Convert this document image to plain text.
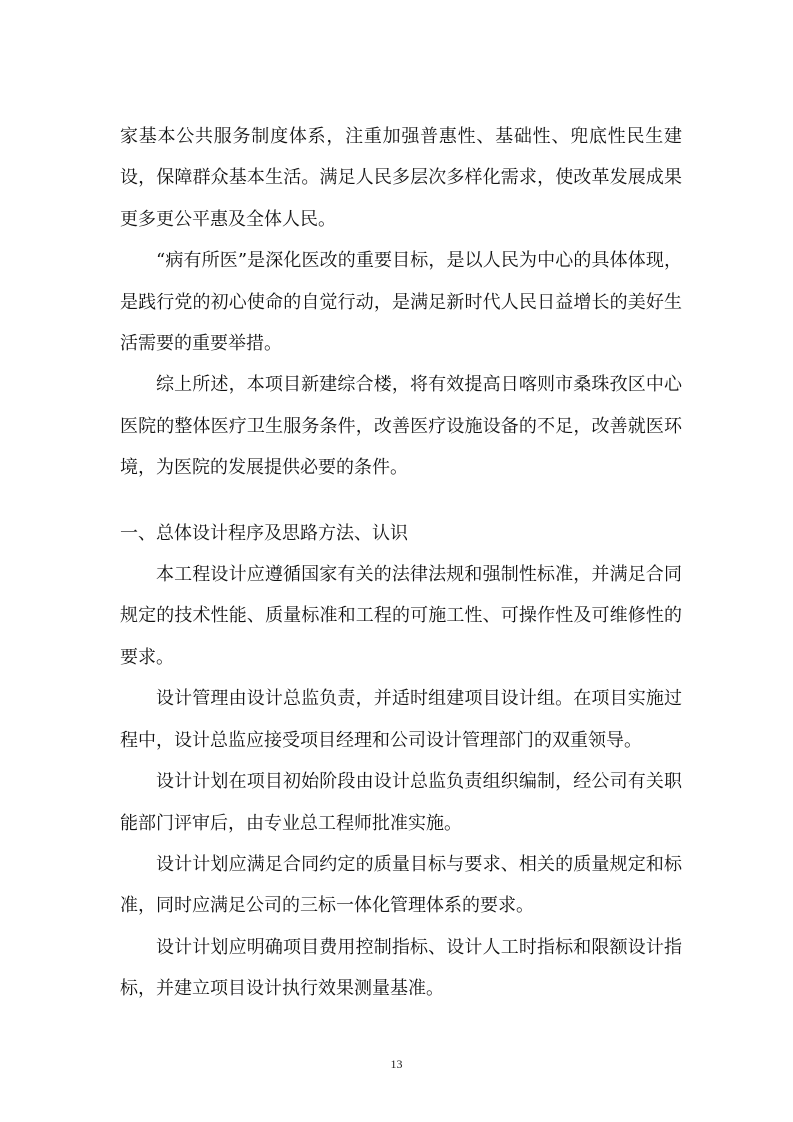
家基本公共服务制度体系，注重加强普惠性、基础性、兜底性民生建设，保障群众基本生活。满足人民多层次多样化需求，使改革发展成果更多更公平惠及全体人民。

“病有所医”是深化医改的重要目标，是以人民为中心的具体体现，是践行党的初心使命的自觉行动，是满足新时代人民日益增长的美好生活需要的重要举措。

综上所述，本项目新建综合楼，将有效提高日喀则市桑珠孜区中心医院的整体医疗卫生服务条件，改善医疗设施设备的不足，改善就医环境，为医院的发展提供必要的条件。

一、总体设计程序及思路方法、认识

本工程设计应遵循国家有关的法律法规和强制性标准，并满足合同规定的技术性能、质量标准和工程的可施工性、可操作性及可维修性的要求。

设计管理由设计总监负责，并适时组建项目设计组。在项目实施过程中，设计总监应接受项目经理和公司设计管理部门的双重领导。

设计计划在项目初始阶段由设计总监负责组织编制，经公司有关职能部门评审后，由专业总工程师批准实施。

设计计划应满足合同约定的质量目标与要求、相关的质量规定和标准，同时应满足公司的三标一体化管理体系的要求。

设计计划应明确项目费用控制指标、设计人工时指标和限额设计指标，并建立项目设计执行效果测量基准。

13
